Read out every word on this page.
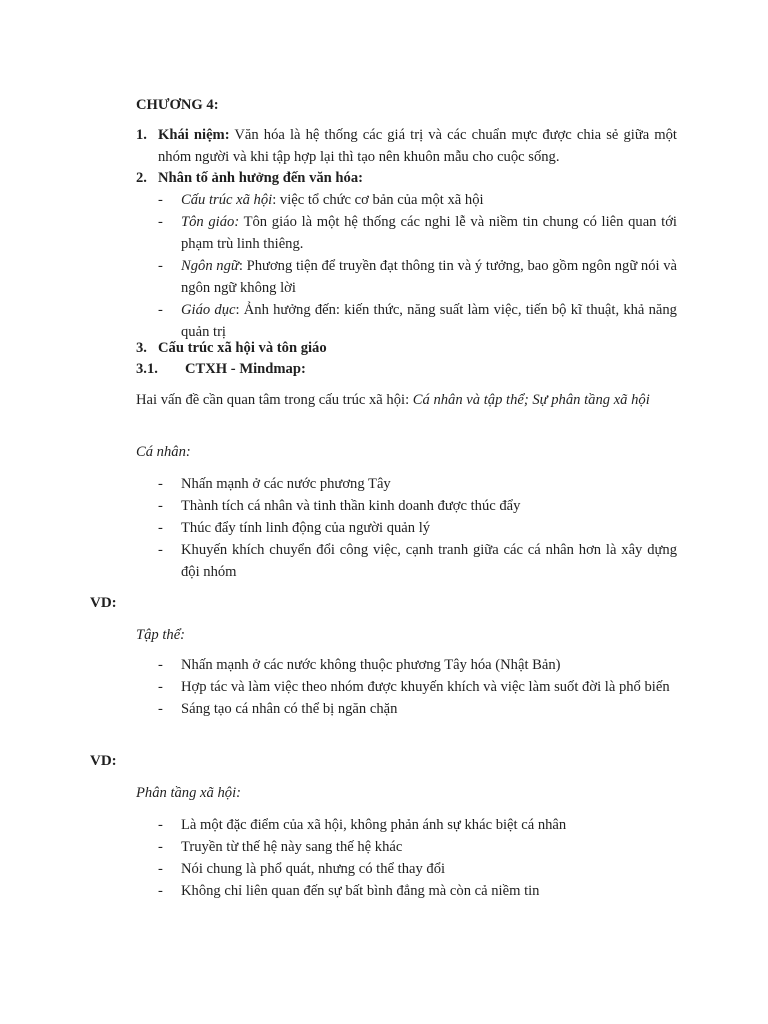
CHƯƠNG 4:

1. Khái niệm: Văn hóa là hệ thống các giá trị và các chuẩn mực được chia sẻ giữa một nhóm người và khi tập hợp lại thì tạo nên khuôn mẫu cho cuộc sống.

2. Nhân tố ảnh hưởng đến văn hóa:
- Cấu trúc xã hội: việc tổ chức cơ bản của một xã hội
- Tôn giáo: Tôn giáo là một hệ thống các nghi lễ và niềm tin chung có liên quan tới phạm trù linh thiêng.
- Ngôn ngữ: Phương tiện để truyền đạt thông tin và ý tưởng, bao gồm ngôn ngữ nói và ngôn ngữ không lời
- Giáo dục: Ảnh hưởng đến: kiến thức, năng suất làm việc, tiến bộ kĩ thuật, khả năng quản trị
3. Cấu trúc xã hội và tôn giáo
3.1. CTXH - Mindmap:

Hai vấn đề cần quan tâm trong cấu trúc xã hội: Cá nhân và tập thể; Sự phân tầng xã hội

Cá nhân:

- Nhấn mạnh ở các nước phương Tây
- Thành tích cá nhân và tinh thần kinh doanh được thúc đẩy
- Thúc đẩy tính linh động của người quản lý
- Khuyến khích chuyển đổi công việc, cạnh tranh giữa các cá nhân hơn là xây dựng đội nhóm
VD:

Tập thể:

- Nhấn mạnh ở các nước không thuộc phương Tây hóa (Nhật Bản)
- Hợp tác và làm việc theo nhóm được khuyến khích và việc làm suốt đời là phổ biến
- Sáng tạo cá nhân có thể bị ngăn chặn
VD:

Phân tầng xã hội:

- Là một đặc điểm của xã hội, không phản ánh sự khác biệt cá nhân
- Truyền từ thế hệ này sang thế hệ khác
- Nói chung là phổ quát, nhưng có thể thay đổi
- Không chỉ liên quan đến sự bất bình đẳng mà còn cả niềm tin
